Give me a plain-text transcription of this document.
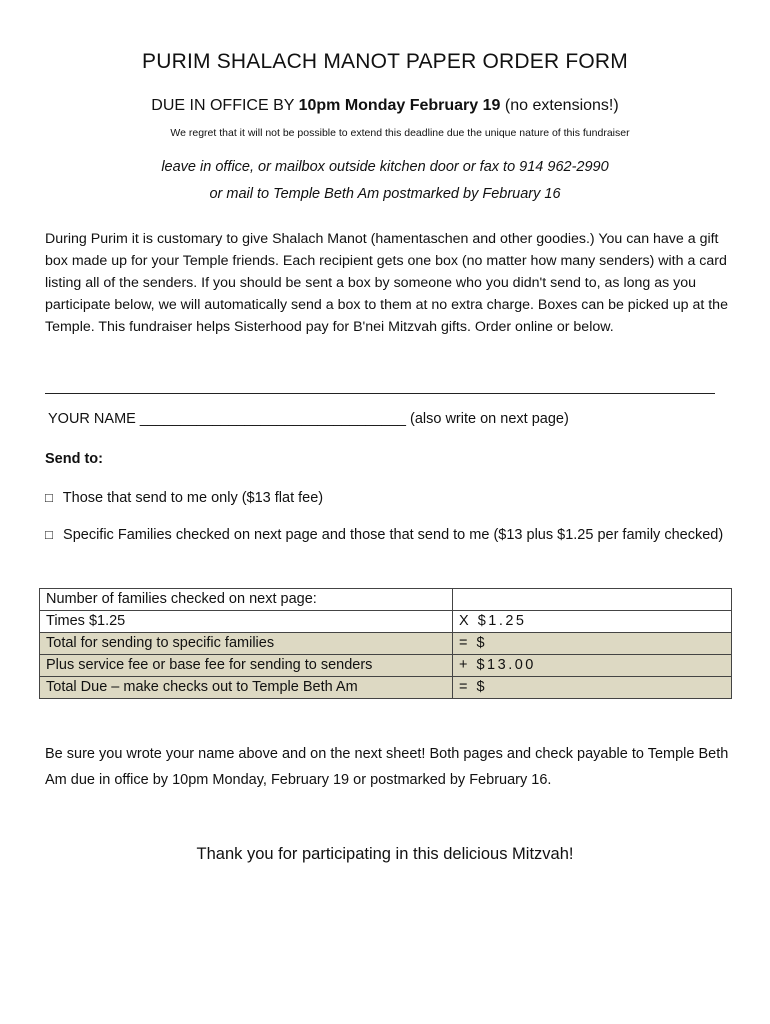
PURIM SHALACH MANOT PAPER ORDER FORM
DUE IN OFFICE BY 10pm Monday February 19 (no extensions!)
We regret that it will not be possible to extend this deadline due the unique nature of this fundraiser
leave in office, or mailbox outside kitchen door or fax to 914 962-2990
or mail to Temple Beth Am postmarked by February 16
During Purim it is customary to give Shalach Manot (hamentaschen and other goodies.) You can have a gift box made up for your Temple friends. Each recipient gets one box (no matter how many senders) with a card listing all of the senders. If you should be sent a box by someone who you didn't send to, as long as you participate below, we will automatically send a box to them at no extra charge. Boxes can be picked up at the Temple. This fundraiser helps Sisterhood pay for B'nei Mitzvah gifts. Order online or below.
YOUR NAME _________________________________ (also write on next page)
Send to:
□ Those that send to me only ($13 flat fee)
□ Specific Families checked on next page and those that send to me ($13 plus $1.25 per family checked)
Number of families checked on next page:	
Times $1.25	X $1.25
Total for sending to specific families	= $
Plus service fee or base fee for sending to senders	+ $13.00
Total Due – make checks out to Temple Beth Am	= $
Be sure you wrote your name above and on the next sheet! Both pages and check payable to Temple Beth Am due in office by 10pm Monday, February 19 or postmarked by February 16.
Thank you for participating in this delicious Mitzvah!
